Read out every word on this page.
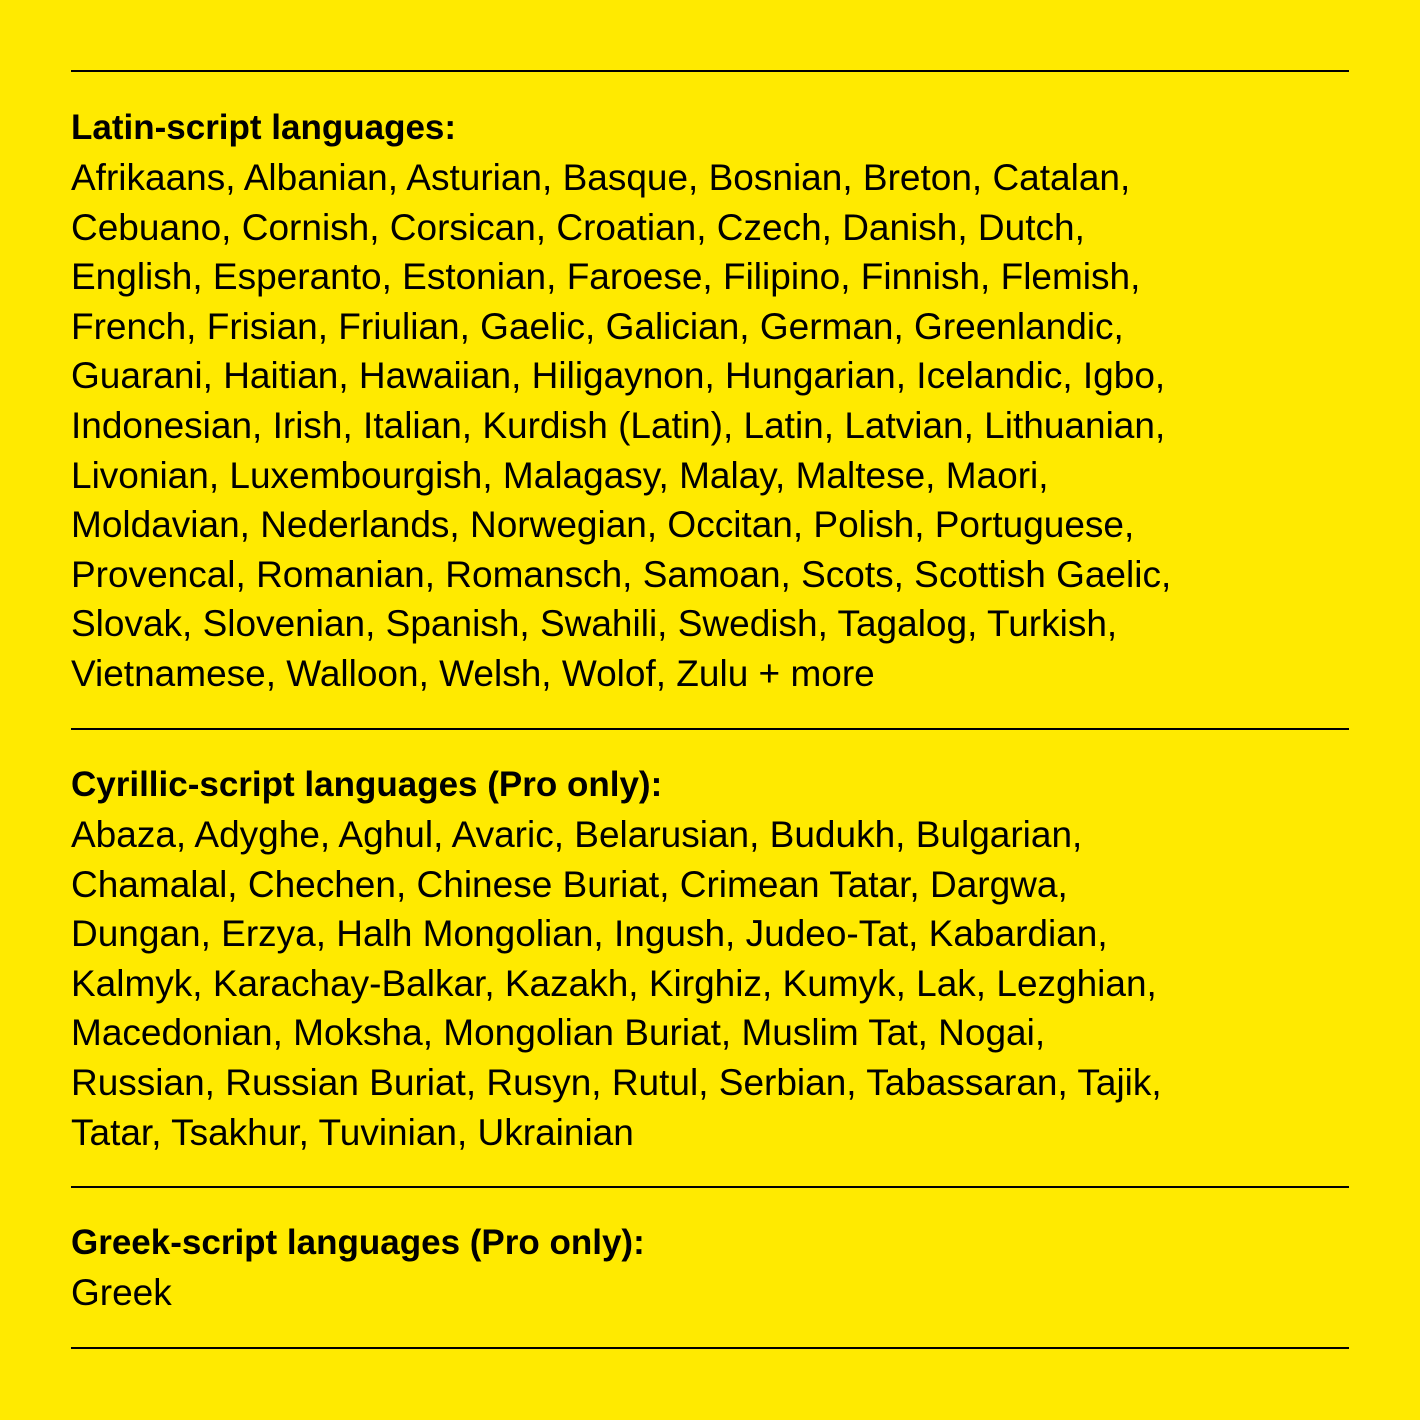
Latin-script languages:

Afrikaans, Albanian, Asturian, Basque, Bosnian, Breton, Catalan,

Cebuano, Cornish, Corsican, Croatian, Czech, Danish, Dutch,

English, Esperanto, Estonian, Faroese, Filipino, Finnish, Flemish,

French, Frisian, Friulian, Gaelic, Galician, German, Greenlandic,

Guarani, Haitian, Hawaiian, Hiligaynon, Hungarian, Icelandic, Igbo,

Indonesian, Irish, Italian, Kurdish (Latin), Latin, Latvian, Lithuanian,

Livonian, Luxembourgish, Malagasy, Malay, Maltese, Maori,

Moldavian, Nederlands, Norwegian, Occitan, Polish, Portuguese,

Provencal, Romanian, Romansch, Samoan, Scots, Scottish Gaelic,

Slovak, Slovenian, Spanish, Swahili, Swedish, Tagalog, Turkish,

Vietnamese, Walloon, Welsh, Wolof, Zulu + more

Cyrillic-script languages (Pro only):

Abaza, Adyghe, Aghul, Avaric, Belarusian, Budukh, Bulgarian,

Chamalal, Chechen, Chinese Buriat, Crimean Tatar, Dargwa,

Dungan, Erzya, Halh Mongolian, Ingush, Judeo-Tat, Kabardian,

Kalmyk, Karachay-Balkar, Kazakh, Kirghiz, Kumyk, Lak, Lezghian,

Macedonian, Moksha, Mongolian Buriat, Muslim Tat, Nogai,

Russian, Russian Buriat, Rusyn, Rutul, Serbian, Tabassaran, Tajik,

Tatar, Tsakhur, Tuvinian, Ukrainian

Greek-script languages (Pro only):

Greek
